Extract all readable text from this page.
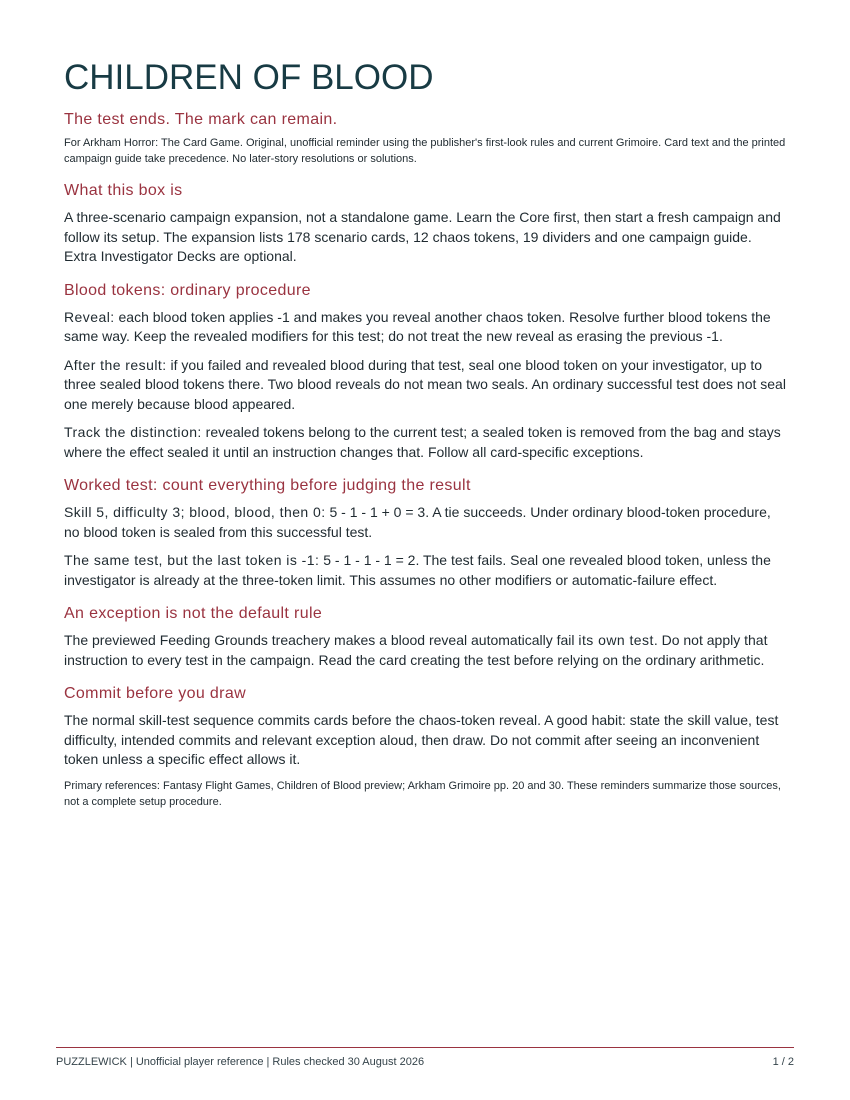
CHILDREN OF BLOOD
The test ends. The mark can remain.

For Arkham Horror: The Card Game. Original, unofficial reminder using the publisher's first-look rules and current Grimoire. Card text and the printed campaign guide take precedence. No later-story resolutions or solutions.

What this box is

A three-scenario campaign expansion, not a standalone game. Learn the Core first, then start a fresh campaign and follow its setup. The expansion lists 178 scenario cards, 12 chaos tokens, 19 dividers and one campaign guide. Extra Investigator Decks are optional.

Blood tokens: ordinary procedure

Reveal: each blood token applies -1 and makes you reveal another chaos token. Resolve further blood tokens the same way. Keep the revealed modifiers for this test; do not treat the new reveal as erasing the previous -1.

After the result: if you failed and revealed blood during that test, seal one blood token on your investigator, up to three sealed blood tokens there. Two blood reveals do not mean two seals. An ordinary successful test does not seal one merely because blood appeared.

Track the distinction: revealed tokens belong to the current test; a sealed token is removed from the bag and stays where the effect sealed it until an instruction changes that. Follow all card-specific exceptions.

Worked test: count everything before judging the result

Skill 5, difficulty 3; blood, blood, then 0: 5 - 1 - 1 + 0 = 3. A tie succeeds. Under ordinary blood-token procedure, no blood token is sealed from this successful test.

The same test, but the last token is -1: 5 - 1 - 1 - 1 = 2. The test fails. Seal one revealed blood token, unless the investigator is already at the three-token limit. This assumes no other modifiers or automatic-failure effect.

An exception is not the default rule

The previewed Feeding Grounds treachery makes a blood reveal automatically fail its own test. Do not apply that instruction to every test in the campaign. Read the card creating the test before relying on the ordinary arithmetic.

Commit before you draw

The normal skill-test sequence commits cards before the chaos-token reveal. A good habit: state the skill value, test difficulty, intended commits and relevant exception aloud, then draw. Do not commit after seeing an inconvenient token unless a specific effect allows it.

Primary references: Fantasy Flight Games, Children of Blood preview; Arkham Grimoire pp. 20 and 30. These reminders summarize those sources, not a complete setup procedure.

PUZZLEWICK | Unofficial player reference | Rules checked 30 August 2026	1 / 2
